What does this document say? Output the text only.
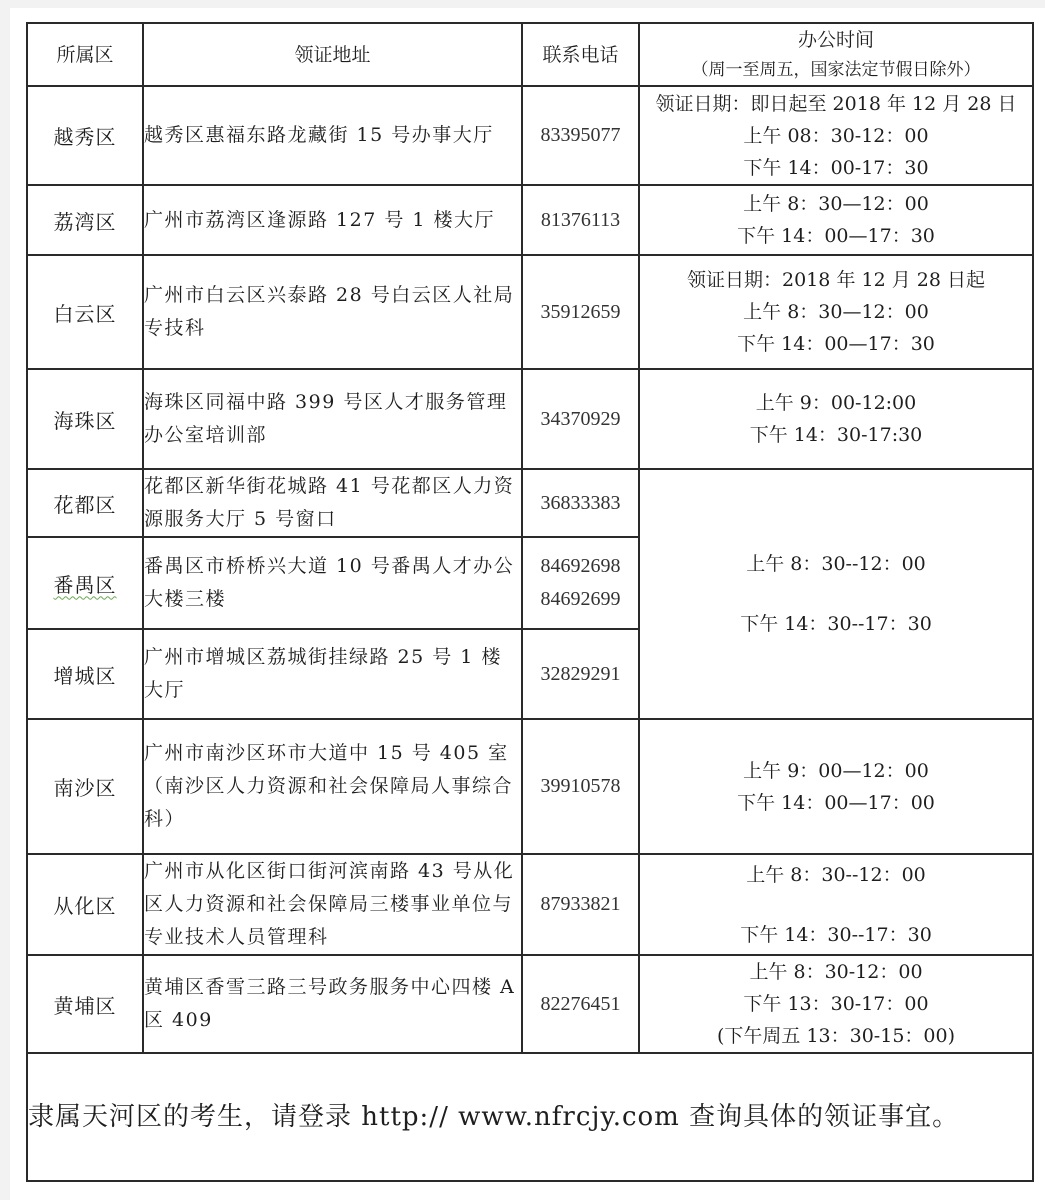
所属区	领证地址	联系电话	办公时间
（周一至周五，国家法定节假日除外）

越秀区	越秀区惠福东路龙藏街 15 号办事大厅	83395077	领证日期：即日起至 2018 年 12 月 28 日
上午 08：30-12：00
下午 14：00-17：30

荔湾区	广州市荔湾区逢源路 127 号 1 楼大厅	81376113	上午 8：30—12：00
下午 14：00—17：30

白云区	广州市白云区兴泰路 28 号白云区人社局专技科	35912659	领证日期：2018 年 12 月 28 日起
上午 8：30—12：00
下午 14：00—17：30

海珠区	海珠区同福中路 399 号区人才服务管理办公室培训部	34370929	上午 9：00-12:00
下午 14：30-17:30

花都区	花都区新华街花城路 41 号花都区人力资源服务大厅 5 号窗口	36833383	上午 8：30--12：00
下午 14：30--17：30

番禺区	番禺区市桥桥兴大道 10 号番禺人才办公大楼三楼	84692698
84692699	

增城区	广州市增城区荔城街挂绿路 25 号 1 楼大厅	32829291	
南沙区	广州市南沙区环市大道中 15 号 405 室（南沙区人力资源和社会保障局人事综合科）	39910578	上午 9：00—12：00
下午 14：00—17：00

从化区	广州市从化区街口街河滨南路 43 号从化区人力资源和社会保障局三楼事业单位与专业技术人员管理科	87933821	上午 8：30--12：00
下午 14：30--17：30

黄埔区	黄埔区香雪三路三号政务服务中心四楼 A 区 409	82276451	上午 8：30-12：00
下午 13：30-17：00
(下午周五 13：30-15：00)

隶属天河区的考生，请登录 http:// www.nfrcjy.com 查询具体的领证事宜。			
